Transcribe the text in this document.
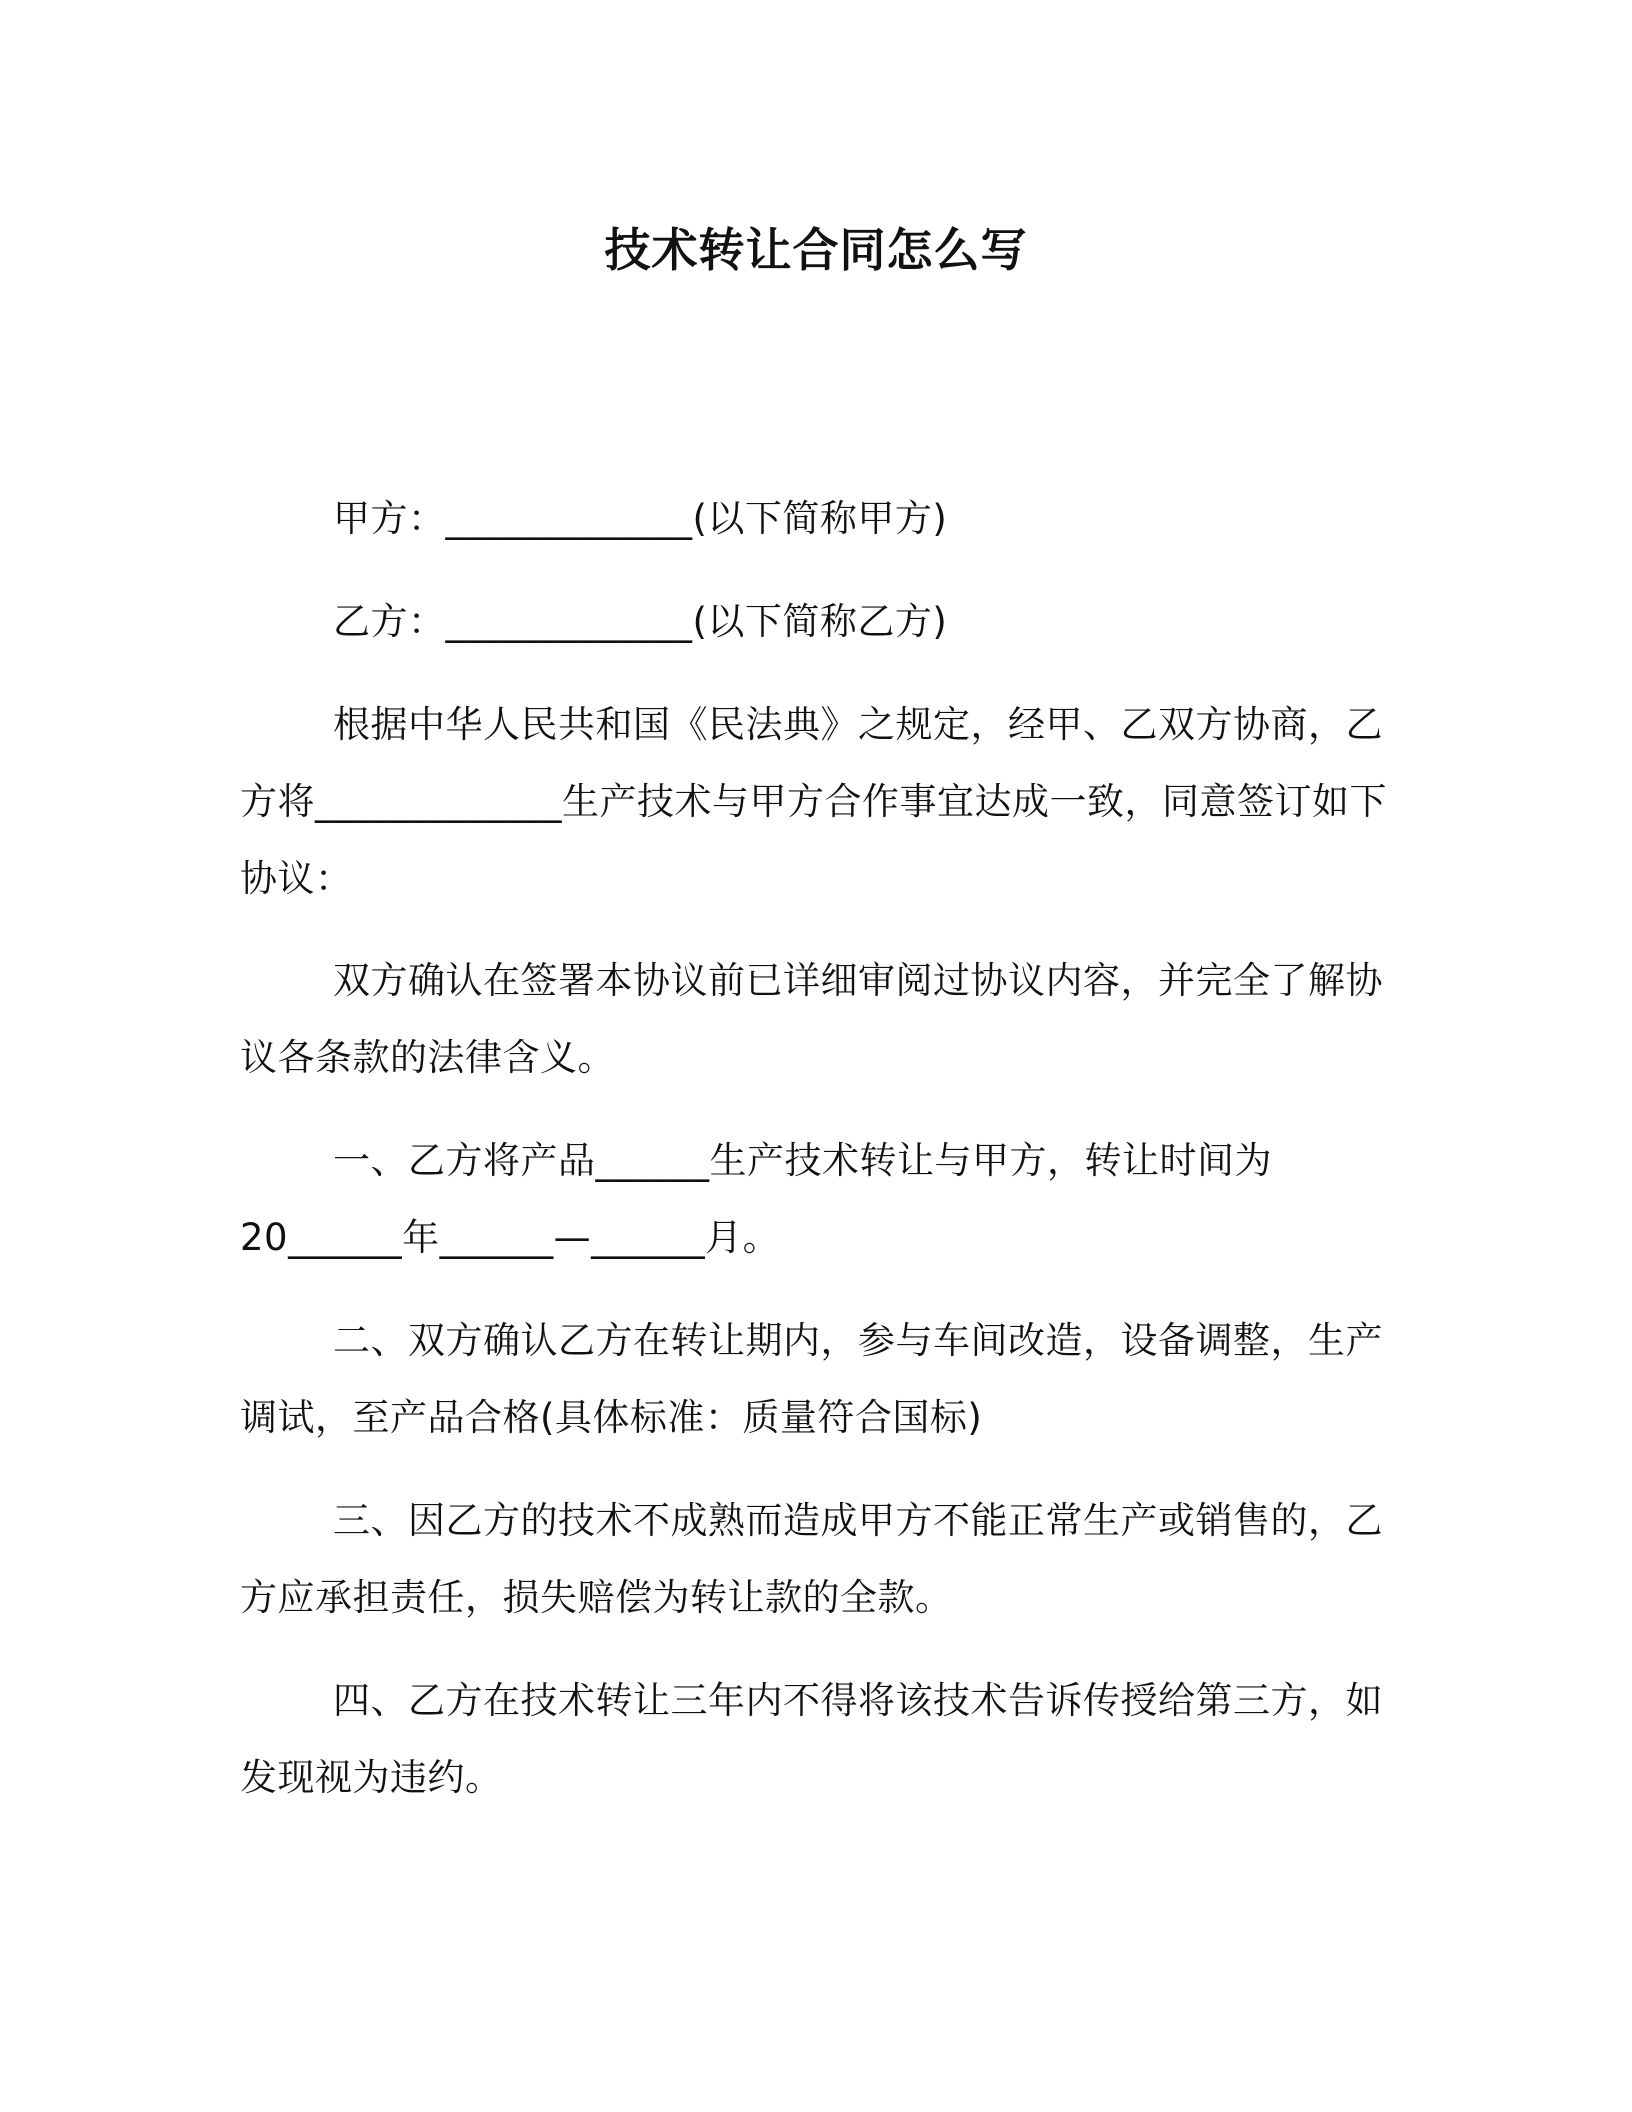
技术转让合同怎么写
甲方：_____________(以下简称甲方)
乙方：_____________(以下简称乙方)
根据中华人民共和国《民法典》之规定，经甲、乙双方协商，乙
方将_____________生产技术与甲方合作事宜达成一致，同意签订如下
协议：
双方确认在签署本协议前已详细审阅过协议内容，并完全了解协
议各条款的法律含义。
一、乙方将产品______生产技术转让与甲方，转让时间为
20______年______—______月。
二、双方确认乙方在转让期内，参与车间改造，设备调整，生产
调试，至产品合格(具体标准：质量符合国标)
三、因乙方的技术不成熟而造成甲方不能正常生产或销售的，乙
方应承担责任，损失赔偿为转让款的全款。
四、乙方在技术转让三年内不得将该技术告诉传授给第三方，如
发现视为违约。
